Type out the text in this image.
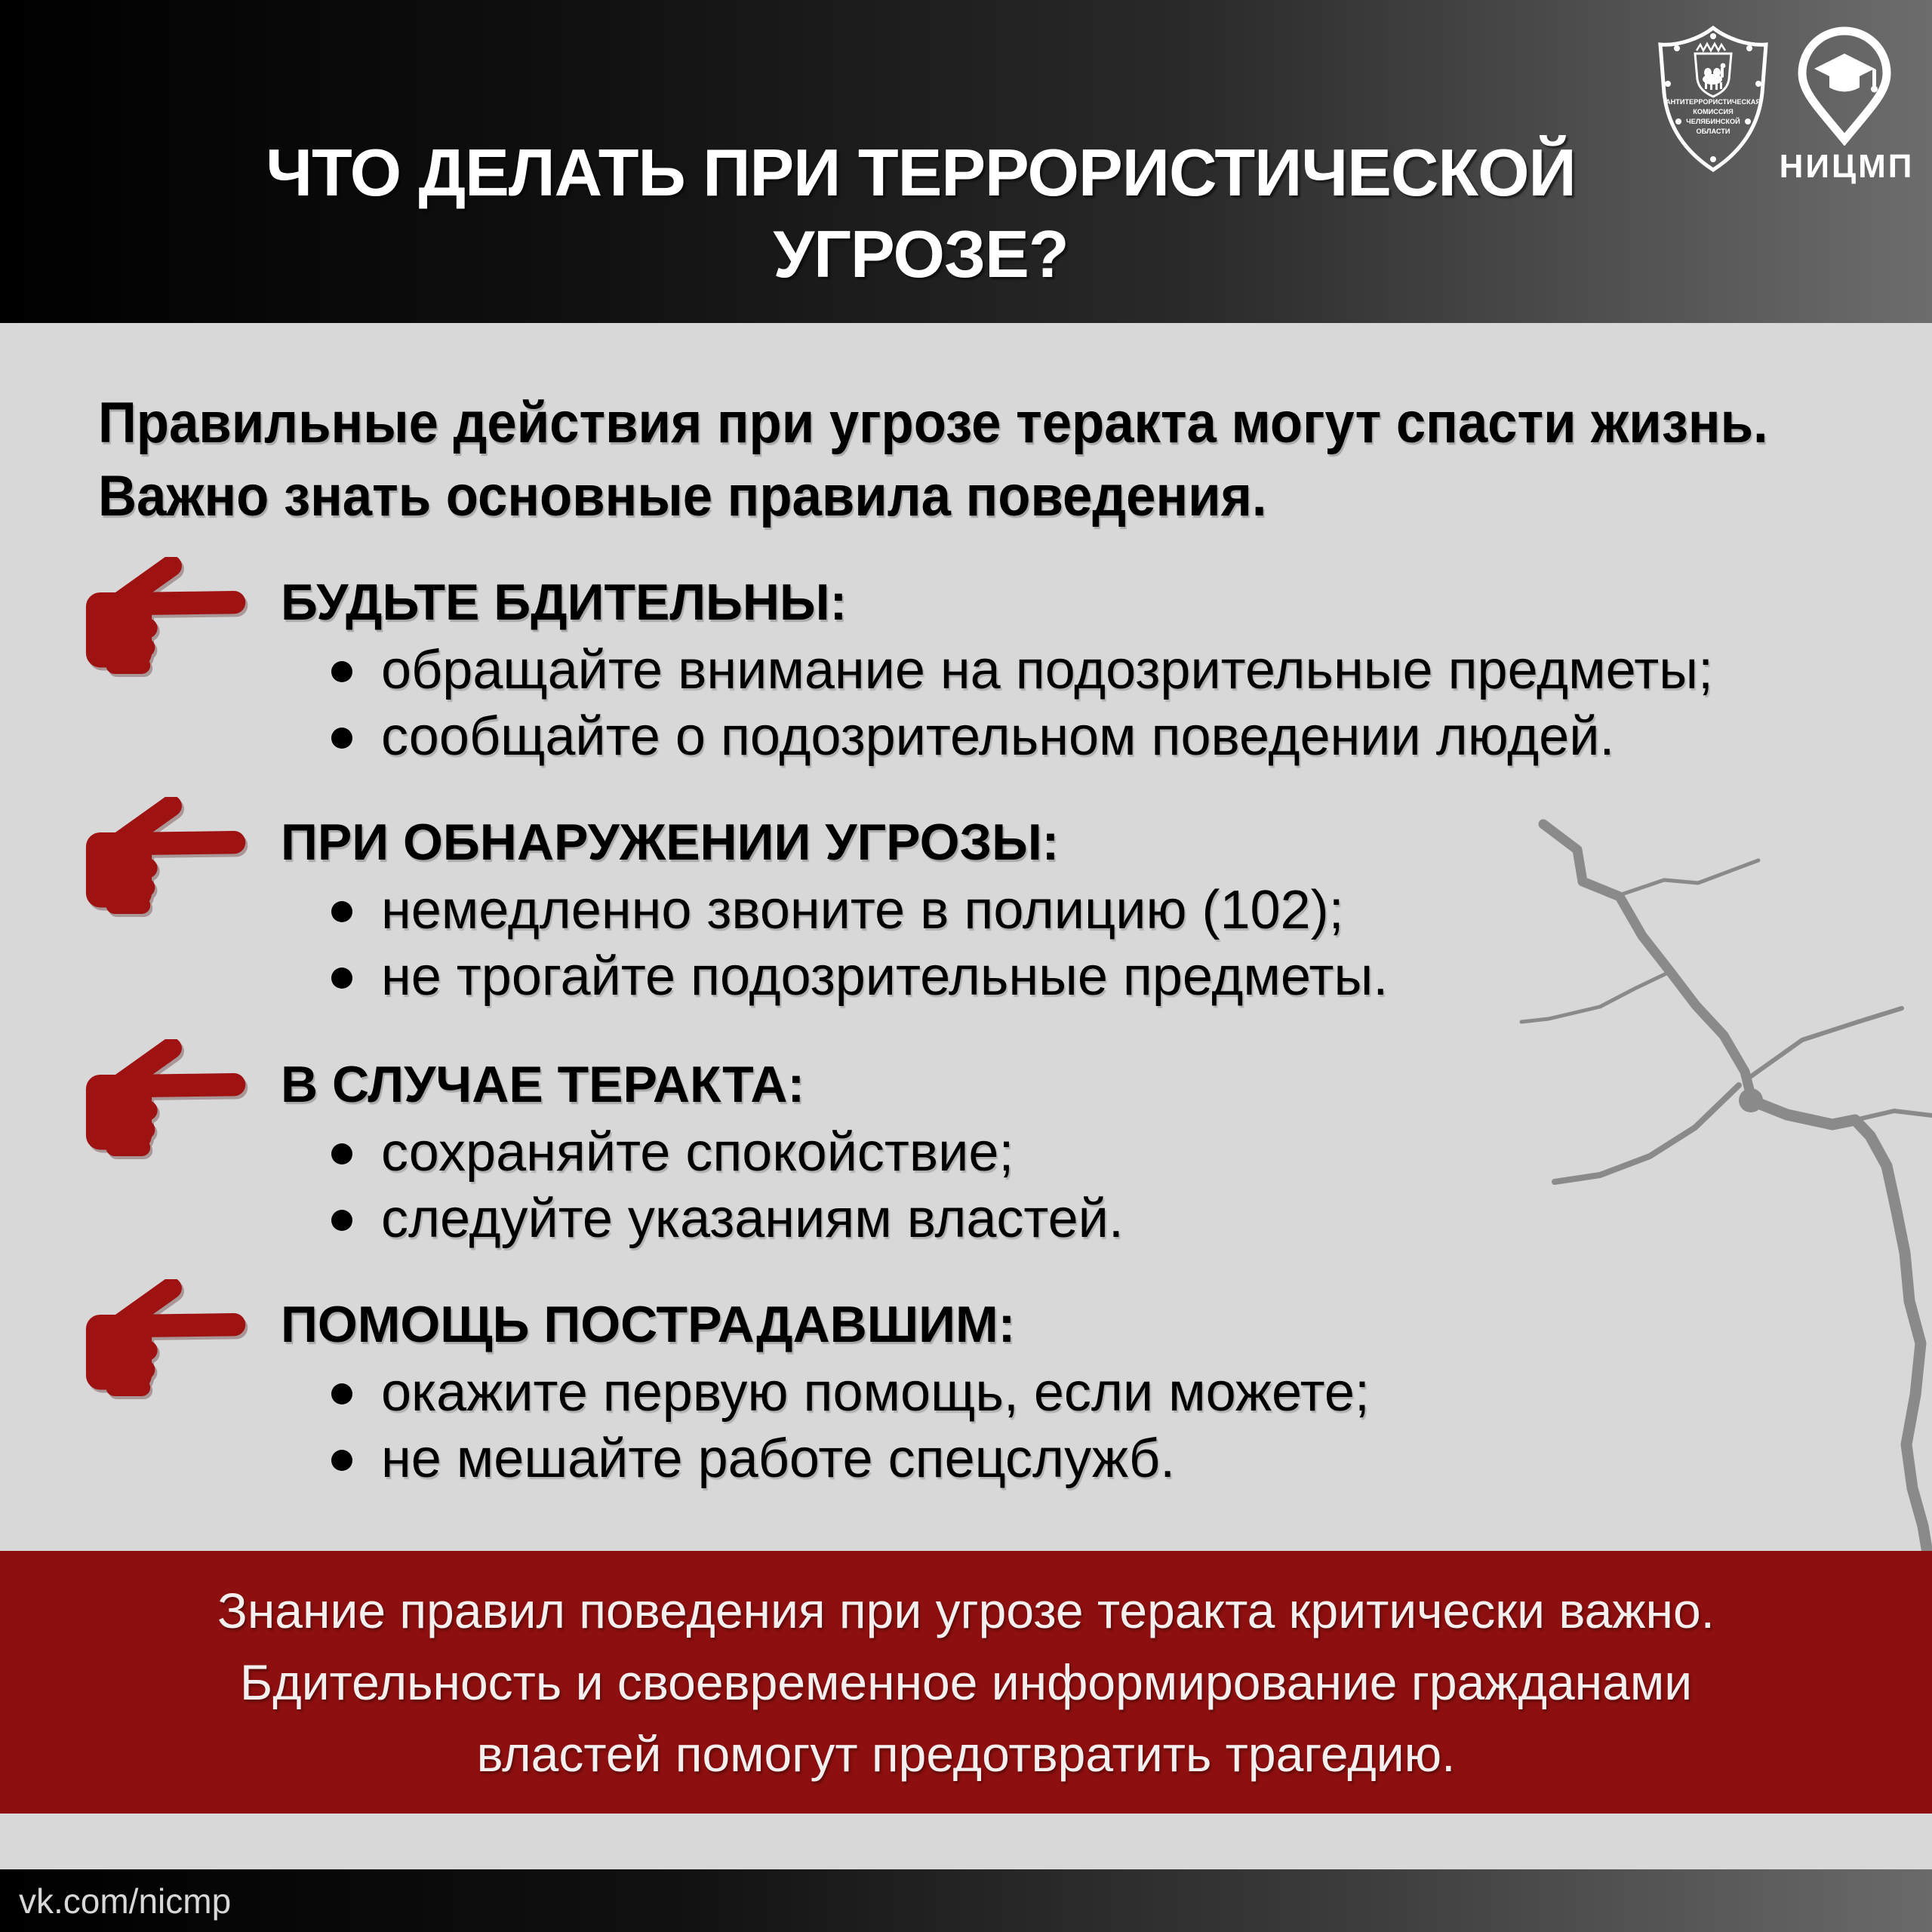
ЧТО ДЕЛАТЬ ПРИ ТЕРРОРИСТИЧЕСКОЙ
УГРОЗЕ?
АНТИТЕРРОРИСТИЧЕСКАЯ
КОМИССИЯ
ЧЕЛЯБИНСКОЙ
ОБЛАСТИ
НИЦМП
Правильные действия при угрозе теракта могут спасти жизнь.
Важно знать основные правила поведения.
БУДЬТЕ БДИТЕЛЬНЫ:
обращайте внимание на подозрительные предметы;
сообщайте о подозрительном поведении людей.
ПРИ ОБНАРУЖЕНИИ УГРОЗЫ:
немедленно звоните в полицию (102);
не трогайте подозрительные предметы.
В СЛУЧАЕ ТЕРАКТА:
сохраняйте спокойствие;
следуйте указаниям властей.
ПОМОЩЬ ПОСТРАДАВШИМ:
окажите первую помощь, если можете;
не мешайте работе спецслужб.
Знание правил поведения при угрозе теракта критически важно.
Бдительность и своевременное информирование гражданами
властей помогут предотвратить трагедию.
vk.com/nicmp
